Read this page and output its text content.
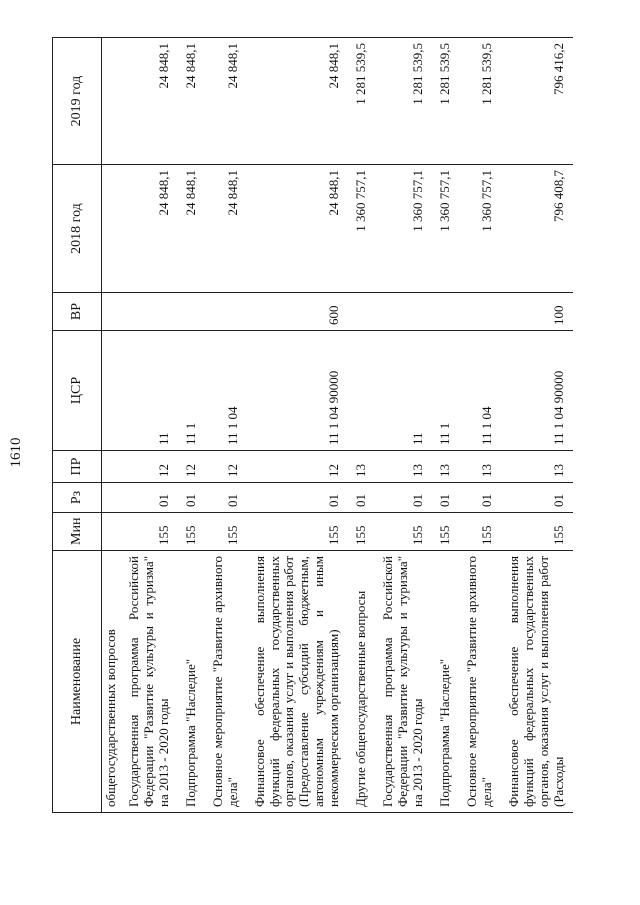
1610
Наименование	Мин	Рз	ПР	ЦСР	ВР	2018 год	2019 год
общегосударственных вопросов							
Государственная программа Российской Федерации "Развитие культуры и туризма" на 2013 - 2020 годы	155	01	12	11		24 848,1	24 848,1
Подпрограмма "Наследие"	155	01	12	11 1		24 848,1	24 848,1
Основное мероприятие "Развитие архивного дела"	155	01	12	11 1 04		24 848,1	24 848,1
Финансовое обеспечение выполнения функций федеральных государственных органов, оказания услуг и выполнения работ (Предоставление субсидий бюджетным, автономным учреждениям и иным некоммерческим организациям)	155	01	12	11 1 04 90000	600	24 848,1	24 848,1
Другие общегосударственные вопросы	155	01	13			1 360 757,1	1 281 539,5
Государственная программа Российской Федерации "Развитие культуры и туризма" на 2013 - 2020 годы	155	01	13	11		1 360 757,1	1 281 539,5
Подпрограмма "Наследие"	155	01	13	11 1		1 360 757,1	1 281 539,5
Основное мероприятие "Развитие архивного дела"	155	01	13	11 1 04		1 360 757,1	1 281 539,5
Финансовое обеспечение выполнения функций федеральных государственных органов, оказания услуг и выполнения работ (Расходы	155	01	13	11 1 04 90000	100	796 408,7	796 416,2
